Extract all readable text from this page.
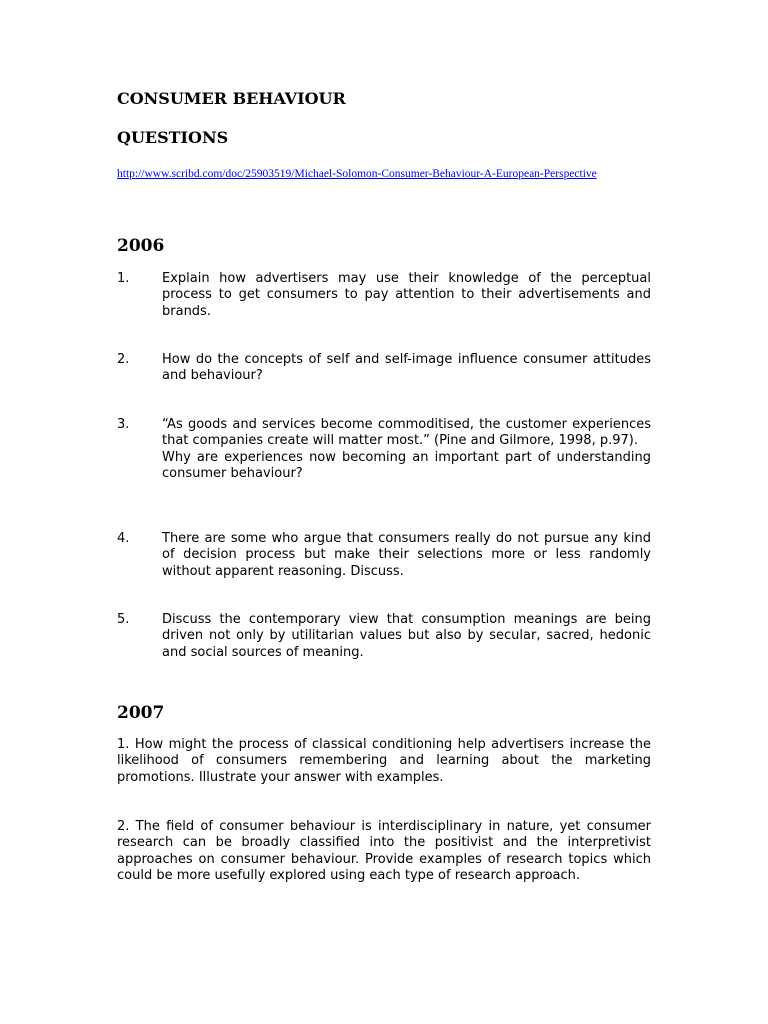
CONSUMER BEHAVIOUR
QUESTIONS
http://www.scribd.com/doc/25903519/Michael-Solomon-Consumer-Behaviour-A-European-Perspective
2006
1.	Explain how advertisers may use their knowledge of the perceptual process to get consumers to pay attention to their advertisements and brands.

2.	How do the concepts of self and self-image influence consumer attitudes and behaviour?

3.	“As goods and services become commoditised, the customer experiences that companies create will matter most.” (Pine and Gilmore, 1998, p.97).

Why are experiences now becoming an important part of understanding consumer behaviour?

4.	There are some who argue that consumers really do not pursue any kind of decision process but make their selections more or less randomly without apparent reasoning. Discuss.

5.	Discuss the contemporary view that consumption meanings are being driven not only by utilitarian values but also by secular, sacred, hedonic and social sources of meaning.

2007

1. How might the process of classical conditioning help advertisers increase the likelihood of consumers remembering and learning about the marketing promotions. Illustrate your answer with examples.

2. The field of consumer behaviour is interdisciplinary in nature, yet consumer research can be broadly classified into the positivist and the interpretivist approaches on consumer behaviour. Provide examples of research topics which could be more usefully explored using each type of research approach.
